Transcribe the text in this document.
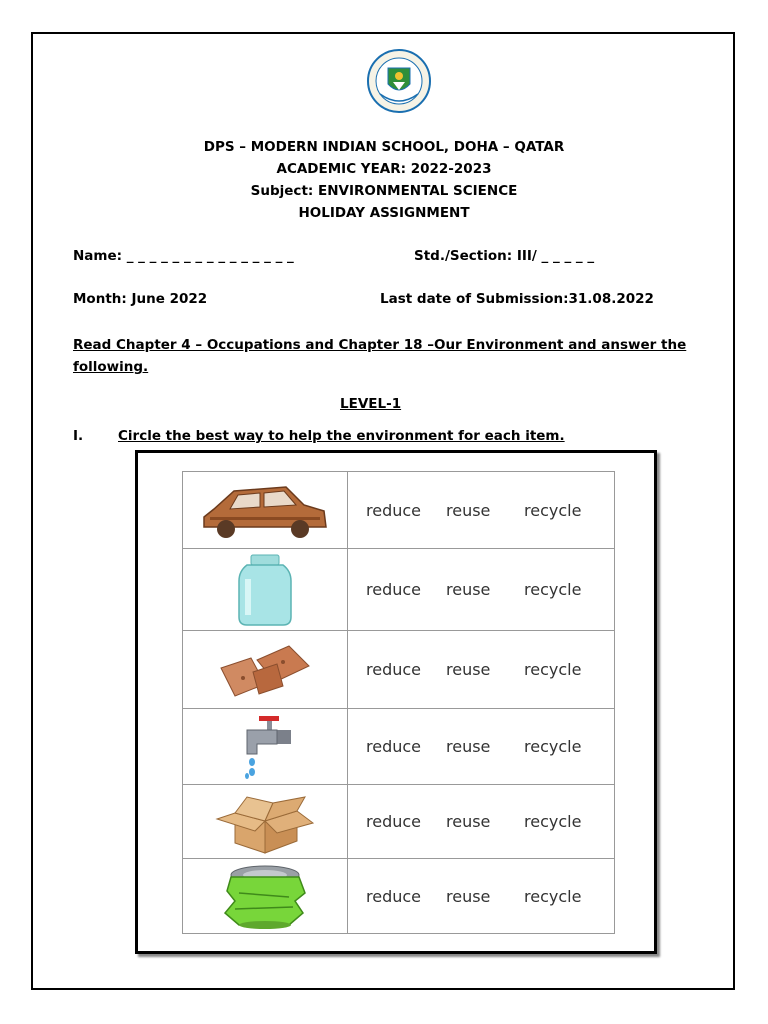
DPS – MODERN INDIAN SCHOOL, DOHA – QATAR
ACADEMIC YEAR: 2022-2023
Subject: ENVIRONMENTAL SCIENCE
HOLIDAY ASSIGNMENT
Name: _ _ _ _ _ _ _ _ _ _ _ _ _ _ _	Std./Section: III/ _ _ _ _ _
Month: June 2022	Last date of Submission:31.08.2022
Read Chapter 4 – Occupations and Chapter 18 –Our Environment and answer the
following.
LEVEL-1
I.	Circle the best way to help the environment for each item.
	reduce reuse recycle

	reduce reuse recycle

	reduce reuse recycle

	reduce reuse recycle

	reduce reuse recycle

	reduce reuse recycle
